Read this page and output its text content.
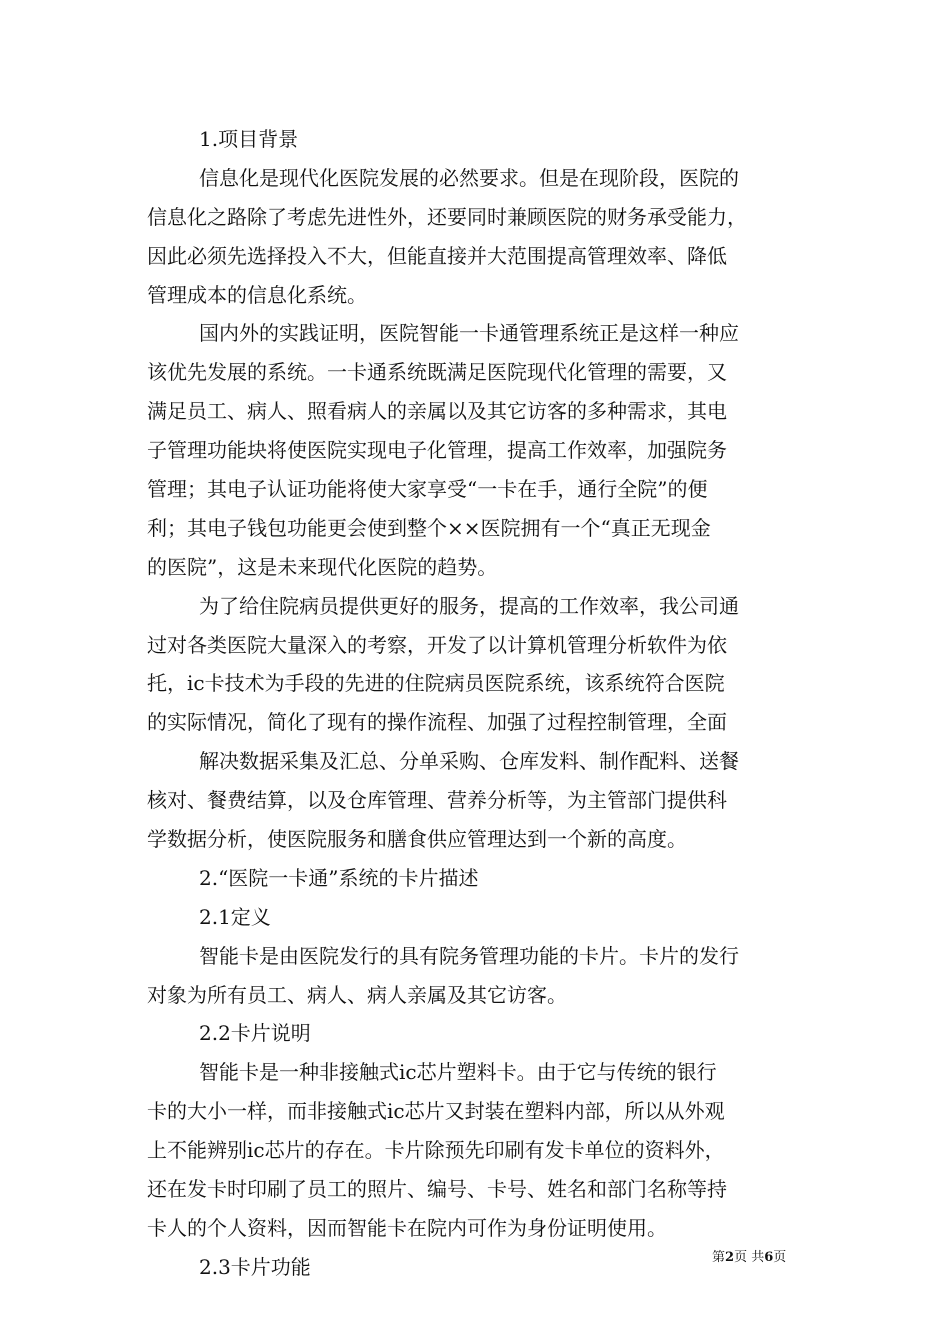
1.项目背景
信息化是现代化医院发展的必然要求。但是在现阶段，医院的
信息化之路除了考虑先进性外，还要同时兼顾医院的财务承受能力，
因此必须先选择投入不大，但能直接并大范围提高管理效率、降低
管理成本的信息化系统。
国内外的实践证明，医院智能一卡通管理系统正是这样一种应
该优先发展的系统。一卡通系统既满足医院现代化管理的需要，又
满足员工、病人、照看病人的亲属以及其它访客的多种需求，其电
子管理功能块将使医院实现电子化管理，提高工作效率，加强院务
管理；其电子认证功能将使大家享受“一卡在手，通行全院”的便
利；其电子钱包功能更会使到整个××医院拥有一个“真正无现金
的医院”，这是未来现代化医院的趋势。
为了给住院病员提供更好的服务，提高的工作效率，我公司通
过对各类医院大量深入的考察，开发了以计算机管理分析软件为依
托，ic卡技术为手段的先进的住院病员医院系统，该系统符合医院
的实际情况，简化了现有的操作流程、加强了过程控制管理，全面
解决数据采集及汇总、分单采购、仓库发料、制作配料、送餐
核对、餐费结算，以及仓库管理、营养分析等，为主管部门提供科
学数据分析，使医院服务和膳食供应管理达到一个新的高度。
2.“医院一卡通”系统的卡片描述
2.1定义
智能卡是由医院发行的具有院务管理功能的卡片。卡片的发行
对象为所有员工、病人、病人亲属及其它访客。
2.2卡片说明
智能卡是一种非接触式ic芯片塑料卡。由于它与传统的银行
卡的大小一样，而非接触式ic芯片又封装在塑料内部，所以从外观
上不能辨别ic芯片的存在。卡片除预先印刷有发卡单位的资料外，
还在发卡时印刷了员工的照片、编号、卡号、姓名和部门名称等持
卡人的个人资料，因而智能卡在院内可作为身份证明使用。
2.3卡片功能	第2页 共6页
